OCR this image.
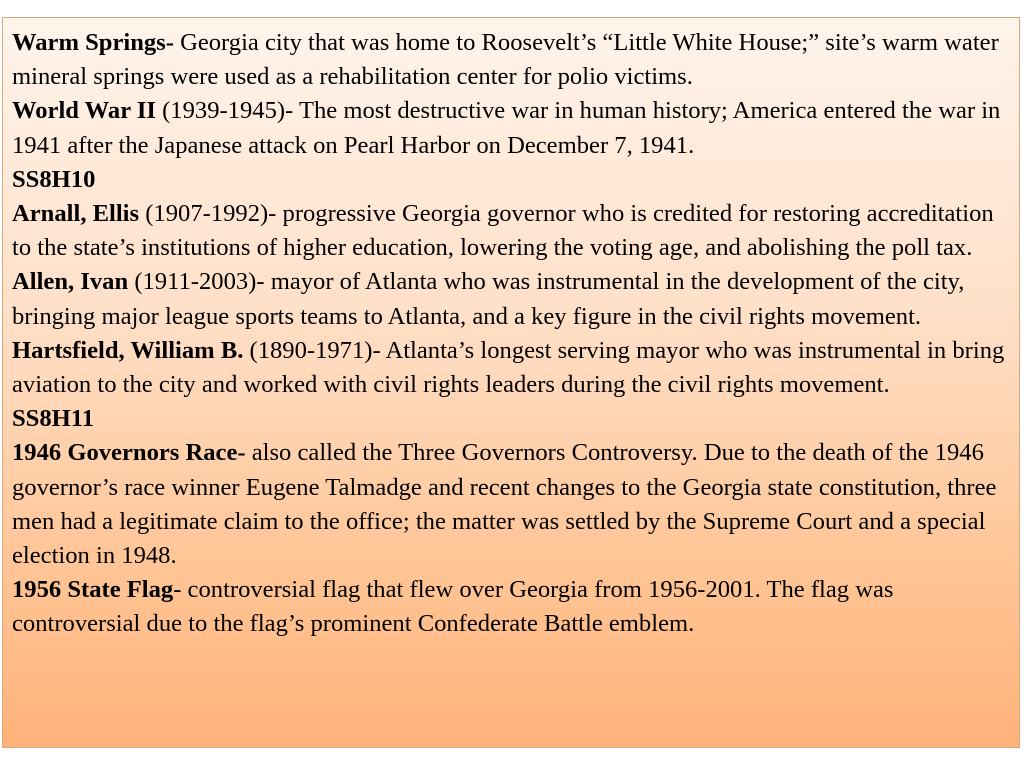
Warm Springs- Georgia city that was home to Roosevelt’s “Little White House;” site’s warm water mineral springs were used as a rehabilitation center for polio victims.

World War II (1939-1945)- The most destructive war in human history; America entered the war in 1941 after the Japanese attack on Pearl Harbor on December 7, 1941.

SS8H10

Arnall, Ellis (1907-1992)- progressive Georgia governor who is credited for restoring accreditation to the state’s institutions of higher education, lowering the voting age, and abolishing the poll tax.

Allen, Ivan (1911-2003)- mayor of Atlanta who was instrumental in the development of the city, bringing major league sports teams to Atlanta, and a key figure in the civil rights movement.

Hartsfield, William B. (1890-1971)- Atlanta’s longest serving mayor who was instrumental in bring aviation to the city and worked with civil rights leaders during the civil rights movement.

SS8H11

1946 Governors Race- also called the Three Governors Controversy. Due to the death of the 1946 governor’s race winner Eugene Talmadge and recent changes to the Georgia state constitution, three men had a legitimate claim to the office; the matter was settled by the Supreme Court and a special election in 1948.

1956 State Flag- controversial flag that flew over Georgia from 1956-2001. The flag was controversial due to the flag’s prominent Confederate Battle emblem.
